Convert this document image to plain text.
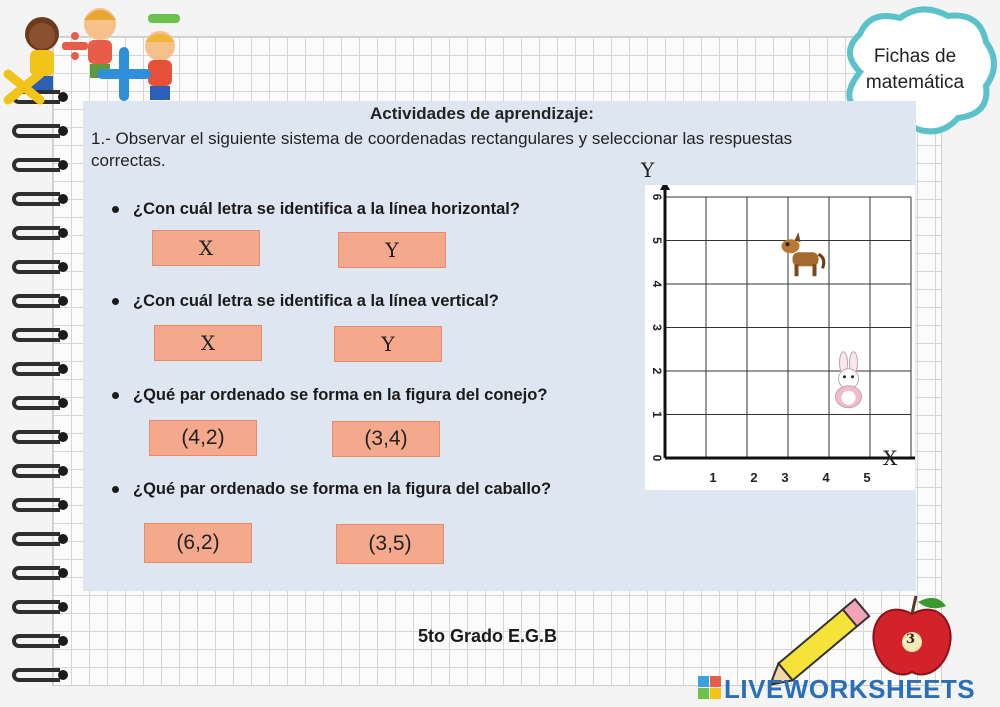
Fichas de
matemática
Actividades de aprendizaje:
1.- Observar el siguiente sistema de coordenadas rectangulares y seleccionar las respuestas correctas.
¿Con cuál letra se identifica a la línea horizontal?
X	Y
¿Con cuál letra se identifica a la línea vertical?
X	Y
¿Qué par ordenado se forma en la figura del conejo?
(4,2)	(3,4)
¿Qué par ordenado se forma en la figura del caballo?
(6,2)	(3,5)
1	2 3	4	5
0
1
2
3
4
5
6
Y
X
5to Grado E.G.B	3
LIVEWORKSHEETS
